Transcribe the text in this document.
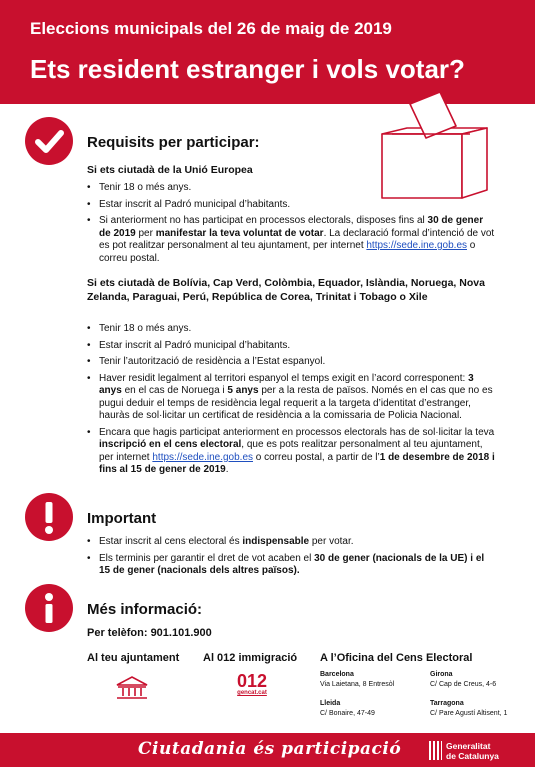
Eleccions municipals del 26 de maig de 2019
Ets resident estranger i vols votar?
Requisits per participar:
Si ets ciutadà de la Unió Europea
• Tenir 18 o més anys.
• Estar inscrit al Padró municipal d’habitants.
• Si anteriorment no has participat en processos electorals, disposes fins al 30 de gener de 2019 per manifestar la teva voluntat de votar. La declaració formal d’intenció de vot es pot realitzar personalment al teu ajuntament, per internet https://sede.ine.gob.es o correu postal.
Si ets ciutadà de Bolívia, Cap Verd, Colòmbia, Equador, Islàndia, Noruega, Nova Zelanda, Paraguai, Perú, República de Corea, Trinitat i Tobago o Xile
• Tenir 18 o més anys.
• Estar inscrit al Padró municipal d’habitants.
• Tenir l’autorització de residència a l’Estat espanyol.
• Haver residit legalment al territori espanyol el temps exigit en l’acord corresponent: 3 anys en el cas de Noruega i 5 anys per a la resta de països. Només en el cas que no es pugui deduir el temps de residència legal requerit a la targeta d’identitat d’estranger, hauràs de sol·licitar un certificat de residència a la comissaria de Policia Nacional.
• Encara que hagis participat anteriorment en processos electorals has de sol·licitar la teva inscripció en el cens electoral, que es pots realitzar personalment al teu ajuntament, per internet https://sede.ine.gob.es o correu postal, a partir de l’1 de desembre de 2018 i fins al 15 de gener de 2019.
Important
• Estar inscrit al cens electoral és indispensable per votar.
• Els terminis per garantir el dret de vot acaben el 30 de gener (nacionals de la UE) i el 15 de gener (nacionals dels altres països).
Més informació:
Per telèfon: 901.101.900
Al teu ajuntament Al 012 immigració A l’Oficina del Cens Electoral
012
gencat.cat
Barcelona
Via Laietana, 8 Entresòl
Girona
C/ Cap de Creus, 4-6
Lleida
C/ Bonaire, 47-49
Tarragona
C/ Pare Agustí Altisent, 1
Ciutadania és participació	Generalitat
de Catalunya
